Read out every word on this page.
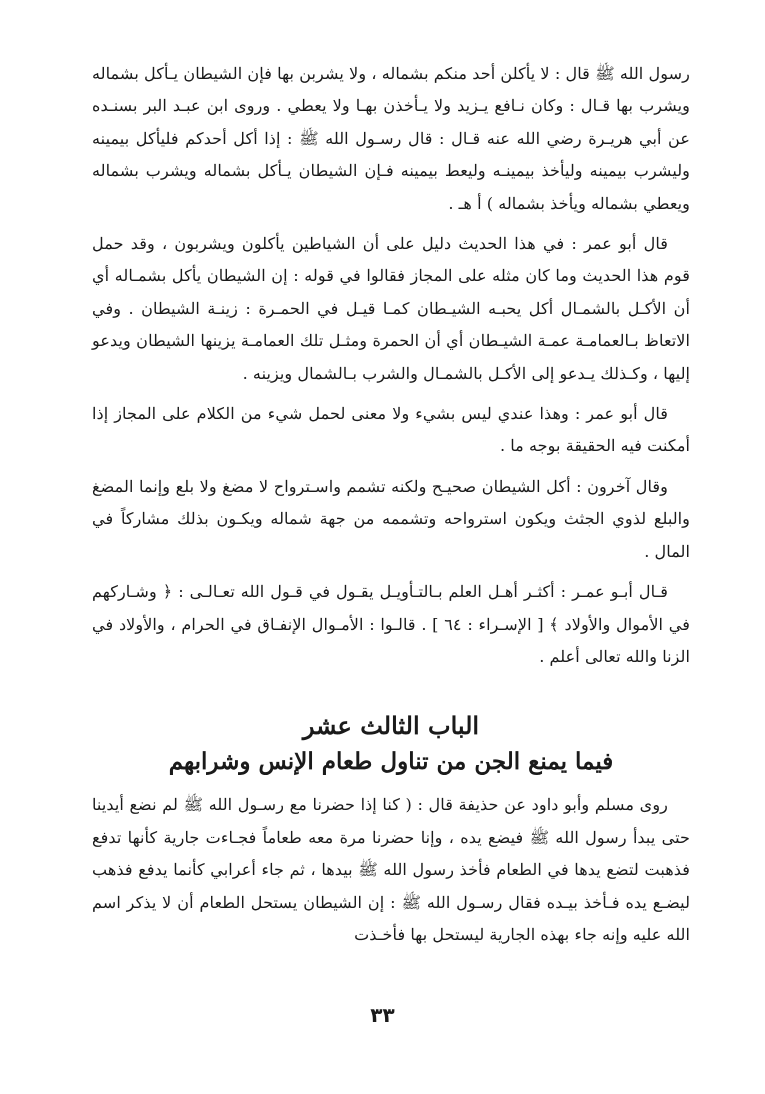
رسول الله ﷺ قال : لا يأكلن أحد منكم بشماله ، ولا يشربن بها فإن الشيطان يـأكل بشماله ويشرب بها قـال : وكان نـافع يـزيد ولا يـأخذن بهـا ولا يعطي . وروى ابن عبـد البر بسنـده عن أبي هريـرة رضي الله عنه قـال : قال رسـول الله ﷺ : إذا أكل أحدكم فليأكل بيمينه وليشرب بيمينه وليأخذ بيمينـه وليعط بيمينه فـإن الشيطان يـأكل بشماله ويشرب بشماله ويعطي بشماله ويأخذ بشماله ) أ هـ .

قال أبو عمر : في هذا الحديث دليل على أن الشياطين يأكلون ويشربون ، وقد حمل قوم هذا الحديث وما كان مثله على المجاز فقالوا في قوله : إن الشيطان يأكل بشمـاله أي أن الأكـل بالشمـال أكل يحبـه الشيـطان كمـا قيـل في الحمـرة : زينـة الشيطان . وفي الاتعاظ بـالعمامـة عمـة الشيـطان أي أن الحمرة ومثـل تلك العمامـة يزينها الشيطان ويدعو إليها ، وكـذلك يـدعو إلى الأكـل بالشمـال والشرب بـالشمال ويزينه .

قال أبو عمر : وهذا عندي ليس بشيء ولا معنى لحمل شيء من الكلام على المجاز إذا أمكنت فيه الحقيقة بوجه ما .

وقال آخرون : أكل الشيطان صحيـح ولكنه تشمم واسـترواح لا مضغ ولا بلع وإنما المضغ والبلع لذوي الجثث ويكون استرواحه وتشممه من جهة شماله ويكـون بذلك مشاركاً في المال .

قـال أبـو عمـر : أكثـر أهـل العلم بـالتـأويـل يقـول في قـول الله تعـالـى : ﴿ وشـاركهم في الأموال والأولاد ﴾ [ الإسـراء : ٦٤ ] . قالـوا : الأمـوال الإنفـاق في الحرام ، والأولاد في الزنا والله تعالى أعلم .

الباب الثالث عشر
فيما يمنع الجن من تناول طعام الإنس وشرابهم

روى مسلم وأبو داود عن حذيفة قال : ( كنا إذا حضرنا مع رسـول الله ﷺ لم نضع أيدينا حتى يبدأ رسول الله ﷺ فيضع يده ، وإنا حضرنا مرة معه طعاماً فجـاءت جارية كأنها تدفع فذهبت لتضع يدها في الطعام فأخذ رسول الله ﷺ بيدها ، ثم جاء أعرابي كأنما يدفع فذهب ليضـع يده فـأخذ بيـده فقال رسـول الله ﷺ : إن الشيطان يستحل الطعام أن لا يذكر اسم الله عليه وإنه جاء بهذه الجارية ليستحل بها فأخـذت

٣٣
